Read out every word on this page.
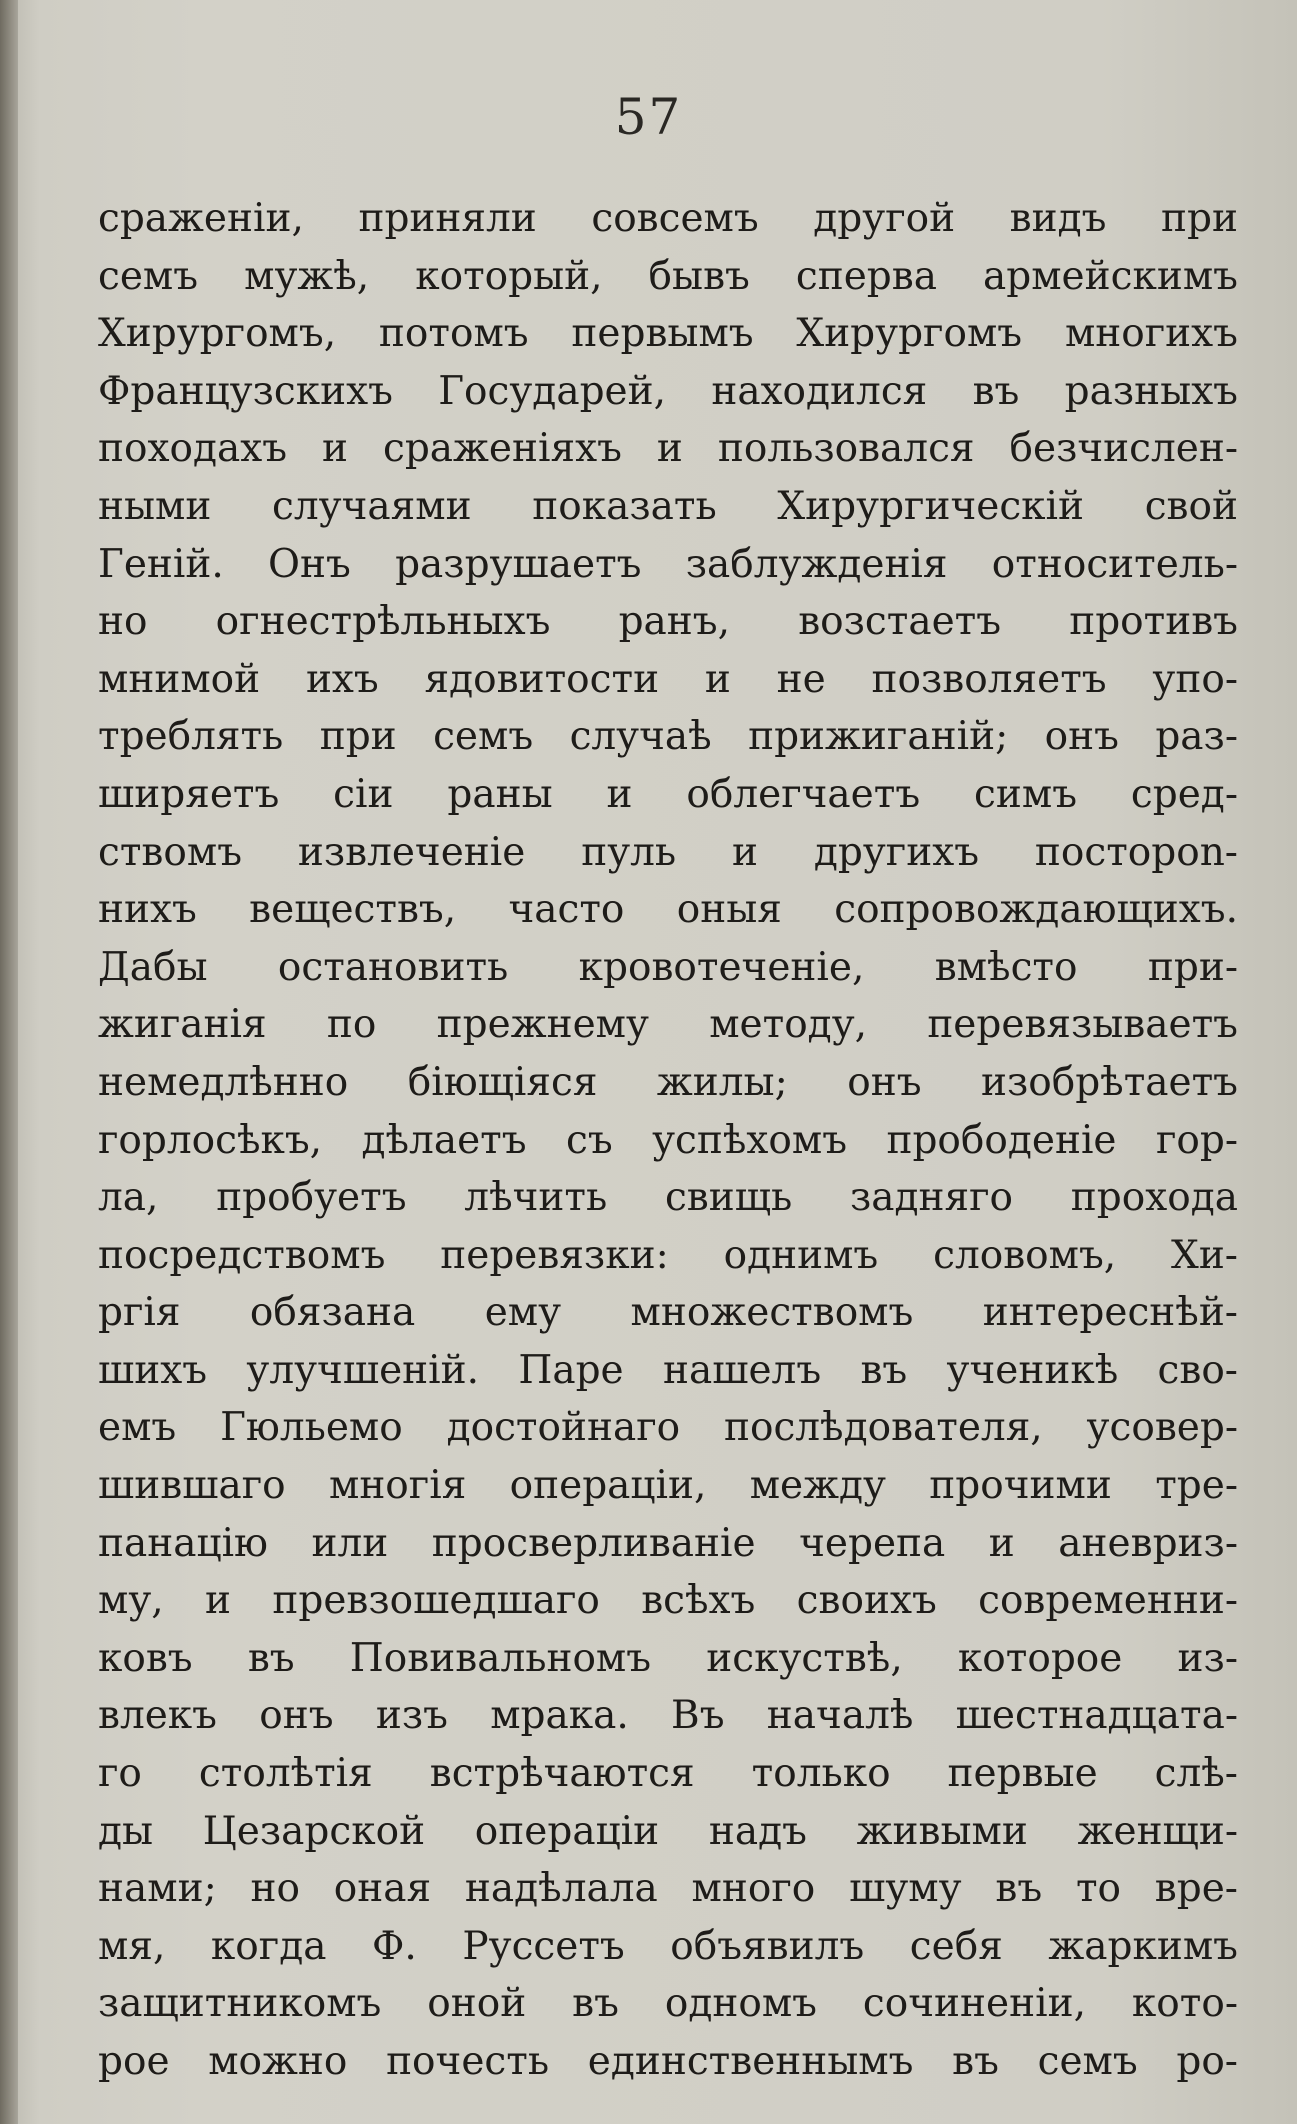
57
сраженіи, приняли совсемъ другой видъ при
семъ мужѣ, который, бывъ сперва армейскимъ
Хирургомъ, потомъ первымъ Хирургомъ многихъ
Французскихъ Государей, находился въ разныхъ
походахъ и сраженіяхъ и пользовался безчислен-
ными случаями показать Хирургическій свой
Геній. Онъ разрушаетъ заблужденія относитель-
но огнестрѣльныхъ ранъ, возстаетъ противъ
мнимой ихъ ядовитости и не позволяетъ упо-
треблять при семъ случаѣ прижиганій; онъ раз-
ширяетъ сіи раны и облегчаетъ симъ сред-
ствомъ извлеченіе пуль и другихъ постороn-
нихъ веществъ, часто оныя сопровождающихъ.
Дабы остановить кровотеченіе, вмѣсто при-
жиганія по прежнему методу, перевязываетъ
немедлѣнно біющіяся жилы; онъ изобрѣтаетъ
горлосѣкъ, дѣлаетъ съ успѣхомъ прободеніе гор-
ла, пробуетъ лѣчить свищь задняго прохода
посредствомъ перевязки: однимъ словомъ, Хи-
ргія обязана ему множествомъ интереснѣй-
шихъ улучшеній. Паре нашелъ въ ученикѣ сво-
емъ Гюльемо достойнаго послѣдователя, усовер-
шившаго многія операціи, между прочими тре-
панацію или просверливаніе черепа и аневриз-
му, и превзошедшаго всѣхъ своихъ современни-
ковъ въ Повивальномъ искуствѣ, которое из-
влекъ онъ изъ мрака. Въ началѣ шестнадцата-
го столѣтія встрѣчаются только первые слѣ-
ды Цезарской операціи надъ живыми женщи-
нами; но оная надѣлала много шуму въ то вре-
мя, когда Ф. Руссетъ объявилъ себя жаркимъ
защитникомъ оной въ одномъ сочиненіи, кото-
рое можно почесть единственнымъ въ семъ ро-
